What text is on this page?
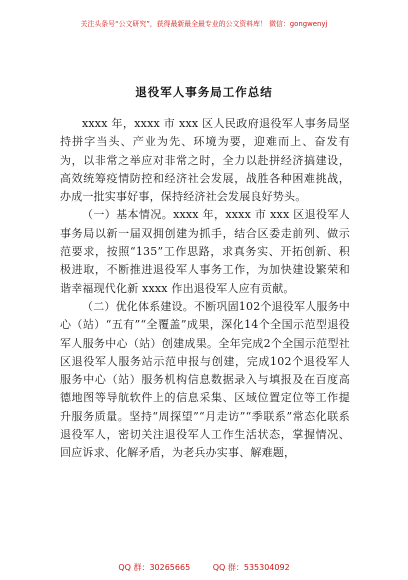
关注头条号“公文研究”，获得最新最全最专业的公文资料库！ 微信：gongwenyj
退役军人事务局工作总结

xxxx 年，xxxx 市 xxx 区人民政府退役军人事务局坚持拼字当头、产业为先、环境为要，迎难而上、奋发有为，以非常之举应对非常之时，全力以赴拼经济搞建设，高效统筹疫情防控和经济社会发展，战胜各种困难挑战，办成一批实事好事，保持经济社会发展良好势头。

（一）基本情况。xxxx 年，xxxx 市 xxx 区退役军人事务局以新一届双拥创建为抓手，结合区委走前列、做示范要求，按照“135”工作思路，求真务实、开拓创新、积极进取，不断推进退役军人事务工作，为加快建设繁荣和谐幸福现代化新 xxxx 作出退役军人应有贡献。

（二）优化体系建设。不断巩固102个退役军人服务中心（站）“五有”“全覆盖”成果，深化14个全国示范型退役军人服务中心（站）创建成果。全年完成2个全国示范型社区退役军人服务站示范申报与创建，完成102个退役军人服务中心（站）服务机构信息数据录入与填报及在百度高德地图等导航软件上的信息采集、区域位置定位等工作提升服务质量。坚持“周探望”“月走访”“季联系”常态化联系退役军人，密切关注退役军人工作生活状态，掌握情况、回应诉求、化解矛盾，为老兵办实事、解难题，

QQ 群：30265665	QQ 群：535304092
